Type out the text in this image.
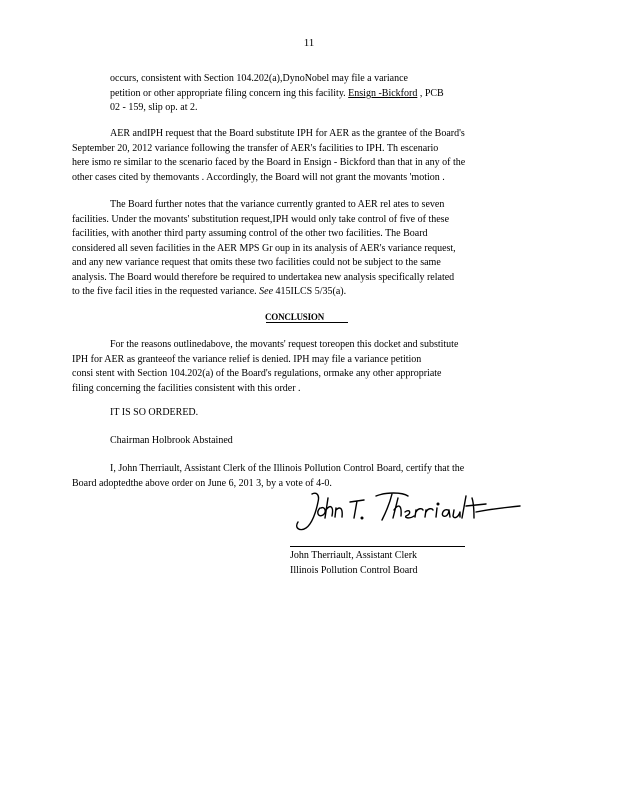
11
occurs, consistent with Section 104.202(a),DynoNobel may file a variance
petition or other appropriate filing concern ing this facility. Ensign -Bickford , PCB
02 - 159, slip op. at 2.
AER andIPH request that the Board substitute IPH for AER as the grantee of the Board's
September 20, 2012 variance following the transfer of AER's facilities to IPH. Th escenario
here ismo re similar to the scenario faced by the Board in Ensign - Bickford than that in any of the
other cases cited by themovants . Accordingly, the Board will not grant the movants 'motion .
The Board further notes that the variance currently granted to AER rel ates to seven
facilities. Under the movants' substitution request,IPH would only take control of five of these
facilities, with another third party assuming control of the other two facilities. The Board
considered all seven facilities in the AER MPS Gr oup in its analysis of AER's variance request,
and any new variance request that omits these two facilities could not be subject to the same
analysis. The Board would therefore be required to undertakea new analysis specifically related
to the five facil ities in the requested variance. See 415ILCS 5/35(a).
CONCLUSION
For the reasons outlinedabove, the movants' request toreopen this docket and substitute
IPH for AER as granteeof the variance relief is denied. IPH may file a variance petition
consi stent with Section 104.202(a) of the Board's regulations, ormake any other appropriate
filing concerning the facilities consistent with this order .
IT IS SO ORDERED.
Chairman Holbrook Abstained
I, John Therriault, Assistant Clerk of the Illinois Pollution Control Board, certify that the
Board adoptedthe above order on June 6, 201 3, by a vote of 4-0.
John Therriault, Assistant Clerk
Illinois Pollution Control Board
